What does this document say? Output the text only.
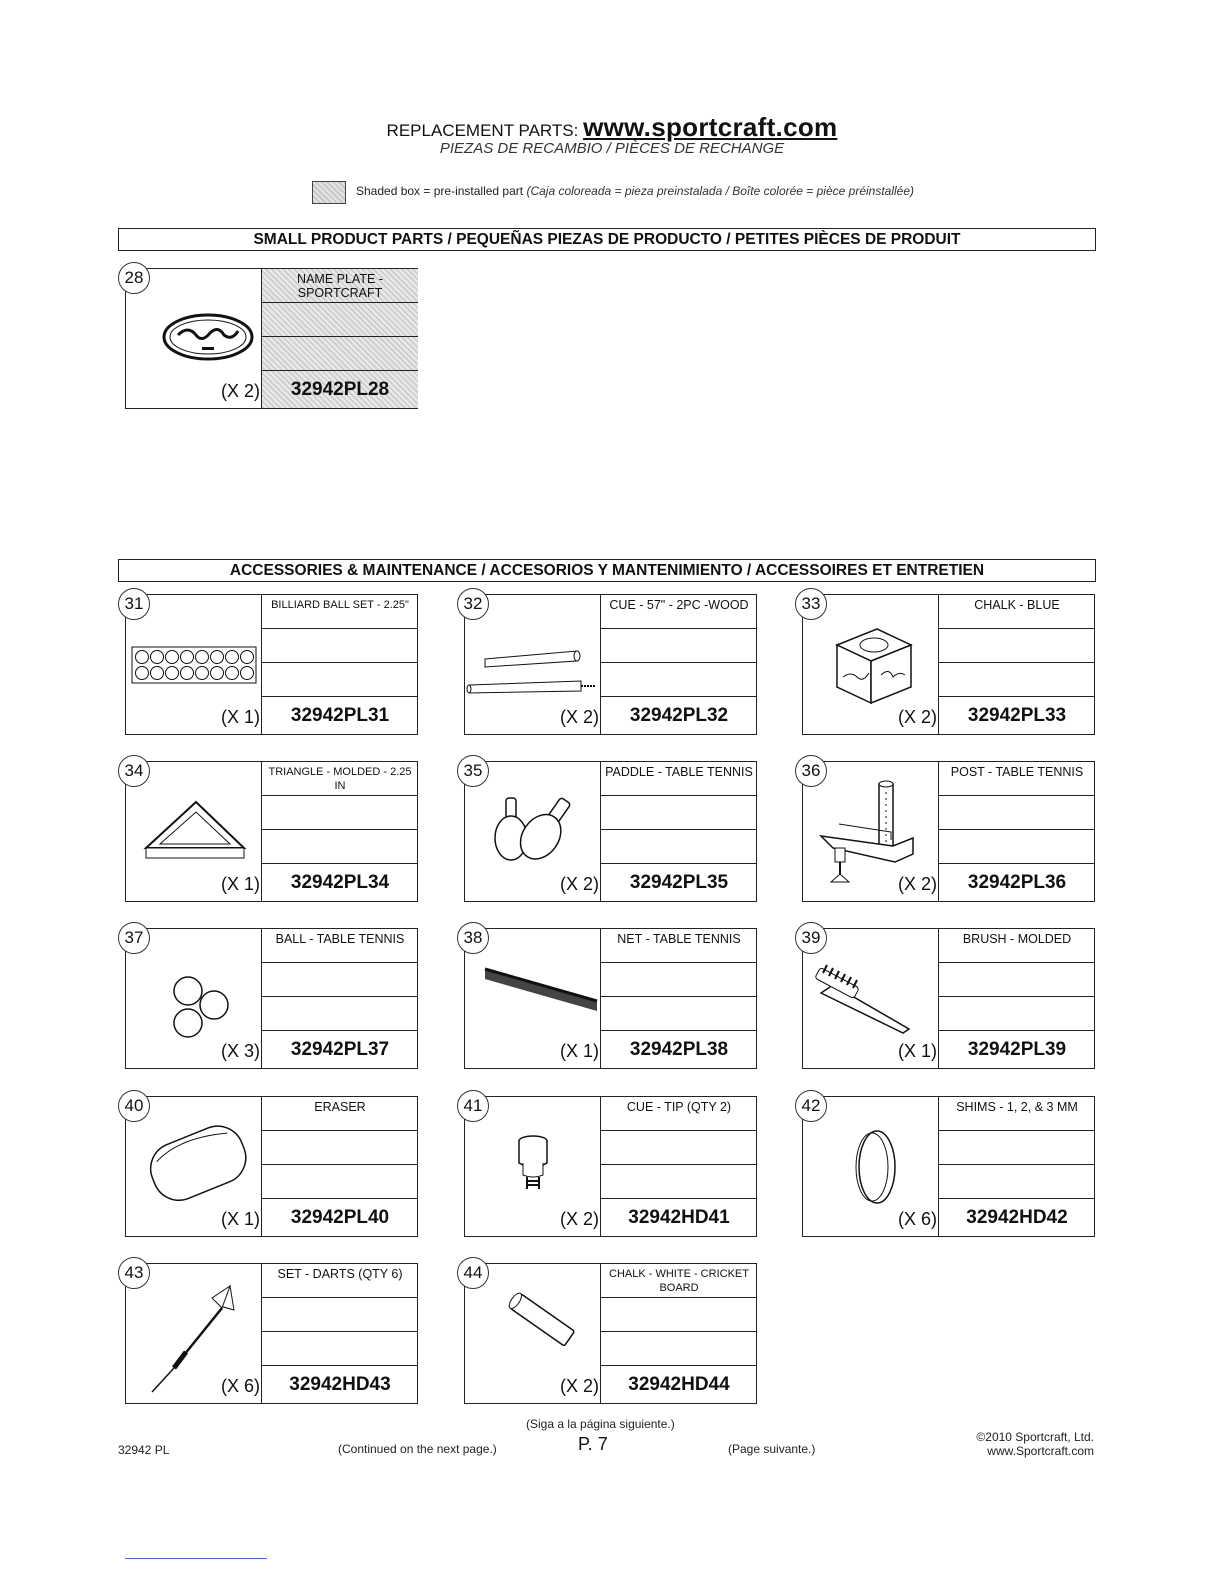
REPLACEMENT PARTS: www.sportcraft.com
PIEZAS DE RECAMBIO / PIÈCES DE RECHANGE
Shaded box = pre-installed part (Caja coloreada = pieza preinstalada / Boîte colorée = pièce préinstallée)
SMALL PRODUCT PARTS / PEQUEÑAS PIEZAS DE PRODUCTO / PETITES PIÈCES DE PRODUIT
ACCESSORIES & MAINTENANCE / ACCESORIOS Y MANTENIMIENTO / ACCESSOIRES ET ENTRETIEN
28
(X 2)
NAME PLATE - SPORTCRAFT
32942PL28
31
(X 1)
BILLIARD BALL SET - 2.25"
32942PL31
32
(X 2)
CUE - 57" - 2PC -WOOD
32942PL32
33
(X 2)
CHALK - BLUE
32942PL33
34
(X 1)
TRIANGLE - MOLDED - 2.25 IN
32942PL34
35
(X 2)
PADDLE - TABLE TENNIS
32942PL35
36
(X 2)
POST - TABLE TENNIS
32942PL36
37
(X 3)
BALL - TABLE TENNIS
32942PL37
38
(X 1)
NET - TABLE TENNIS
32942PL38
39
(X 1)
BRUSH - MOLDED
32942PL39
40
(X 1)
ERASER
32942PL40
41
(X 2)
CUE - TIP (QTY 2)
32942HD41
42
(X 6)
SHIMS - 1, 2, & 3 MM
32942HD42
43
(X 6)
SET - DARTS (QTY 6)
32942HD43
44
(X 2)
CHALK - WHITE - CRICKET BOARD
32942HD44
32942 PL	(Continued on the next page.)
(Siga a la página siguiente.)
P. 7	(Page suivante.)
©2010 Sportcraft, Ltd.
www.Sportcraft.com
